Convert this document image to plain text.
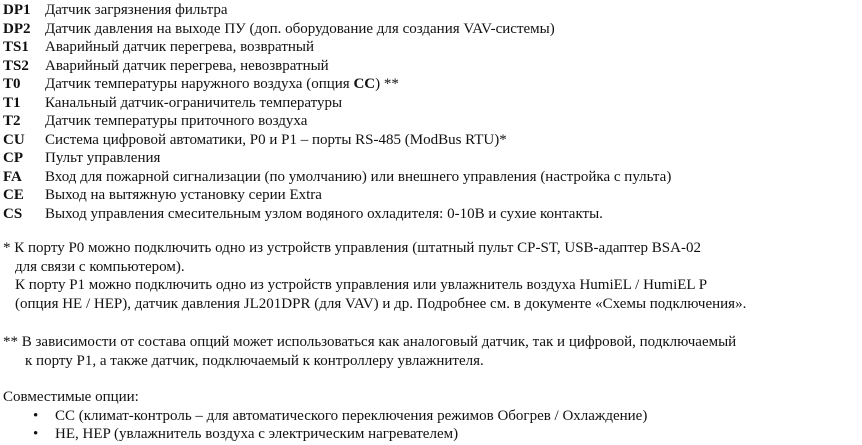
DP1 Датчик загрязнения фильтра
DP2 Датчик давления на выходе ПУ (доп. оборудование для создания VAV-системы)
TS1	Аварийный датчик перегрева, возвратный
TS2	Аварийный датчик перегрева, невозвратный
T0	Датчик температуры наружного воздуха (опция CC) **
T1	Канальный датчик-ограничитель температуры
T2	Датчик температуры приточного воздуха
CU	Система цифровой автоматики, Р0 и Р1 – порты RS-485 (ModBus RTU)*
CP	Пульт управления
FA	Вход для пожарной сигнализации (по умолчанию) или внешнего управления (настройка с пульта)
CE	Выход на вытяжную установку серии Extra
CS	Выход управления смесительным узлом водяного охладителя: 0-10В и сухие контакты.
* К порту Р0 можно подключить одно из устройств управления (штатный пульт СР-ST, USB-адаптер BSA-02
для связи с компьютером).
К порту Р1 можно подключить одно из устройств управления или увлажнитель воздуха HumiEL / HumiEL P
(опция HE / HEP), датчик давления JL201DPR (для VAV) и др. Подробнее см. в документе «Схемы подключения».
** В зависимости от состава опций может использоваться как аналоговый датчик, так и цифровой, подключаемый
к порту Р1, а также датчик, подключаемый к контроллеру увлажнителя.
Совместимые опции:
•	CC (климат-контроль – для автоматического переключения режимов Обогрев / Охлаждение)
•	HE, HEP (увлажнитель воздуха с электрическим нагревателем)
